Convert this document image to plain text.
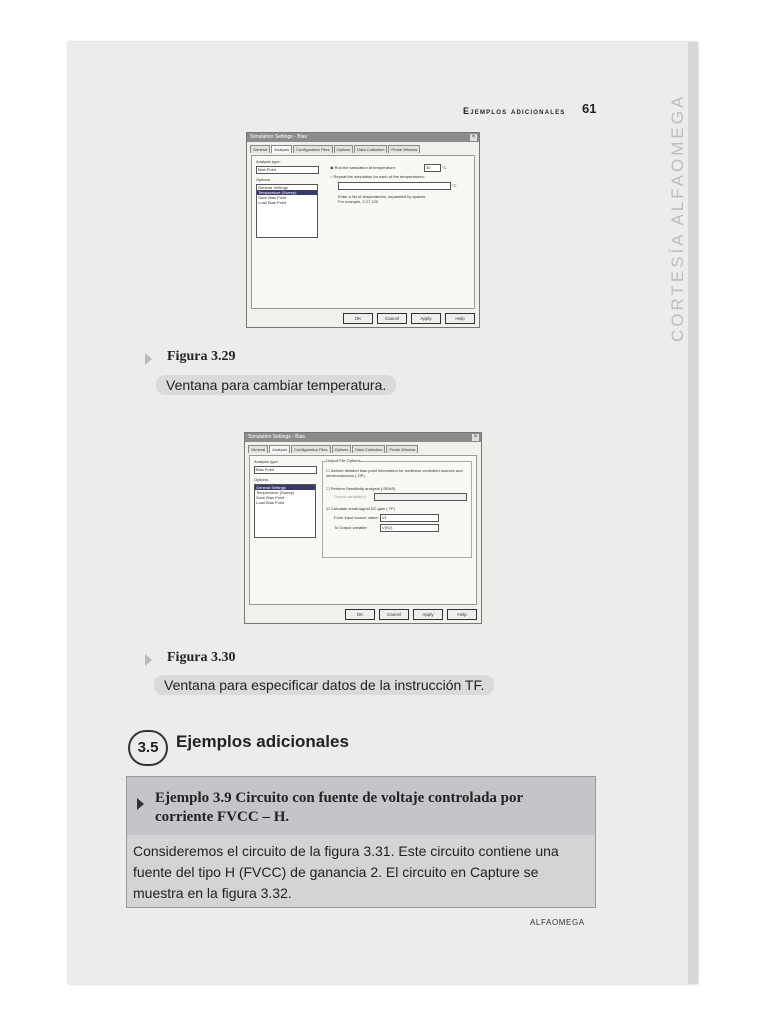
Ejemplos adicionales 61	CORTESÍA ALFAOMEGA
Simulation Settings - Bias	×
General	Analysis	Configuration Files	Options	Data Collection	Probe Window
Analysis type:
Bias Point
Options:
General Settings
Temperature (Sweep)
Save Bias Point
Load Bias Point
◉ Run the simulation at temperature:	30	°C
○ Repeat the simulation for each of the temperatures:
°C
Enter a list of temperatures, separated by spaces.
For example, 0 27 125
OK	Cancel	Apply	Help
Figura 3.29
Ventana para cambiar temperatura.
Simulation Settings - Bias	×
General	Analysis	Configuration Files	Options	Data Collection	Probe Window
Analysis type:
Bias Point
Options:
General Settings
Temperature (Sweep)
Save Bias Point
Load Bias Point
Output File Options
☐ Include detailed bias point information for nonlinear controlled sources and semiconductors (.OP)
☐ Perform Sensitivity analysis (.SENS)
Output variable(s):
☑ Calculate small-signal DC gain (.TF)
From Input source name: V1
To Output variable:	V(R2)
OK	Cancel	Apply	Help
Figura 3.30
Ventana para especificar datos de la instrucción TF.
3.5	Ejemplos adicionales
Ejemplo 3.9 Circuito con fuente de voltaje controlada por corriente FVCC – H.
Consideremos el circuito de la figura 3.31. Este circuito contiene una fuente del tipo H (FVCC) de ganancia 2. El circuito en Capture se muestra en la figura 3.32.
ALFAOMEGA
